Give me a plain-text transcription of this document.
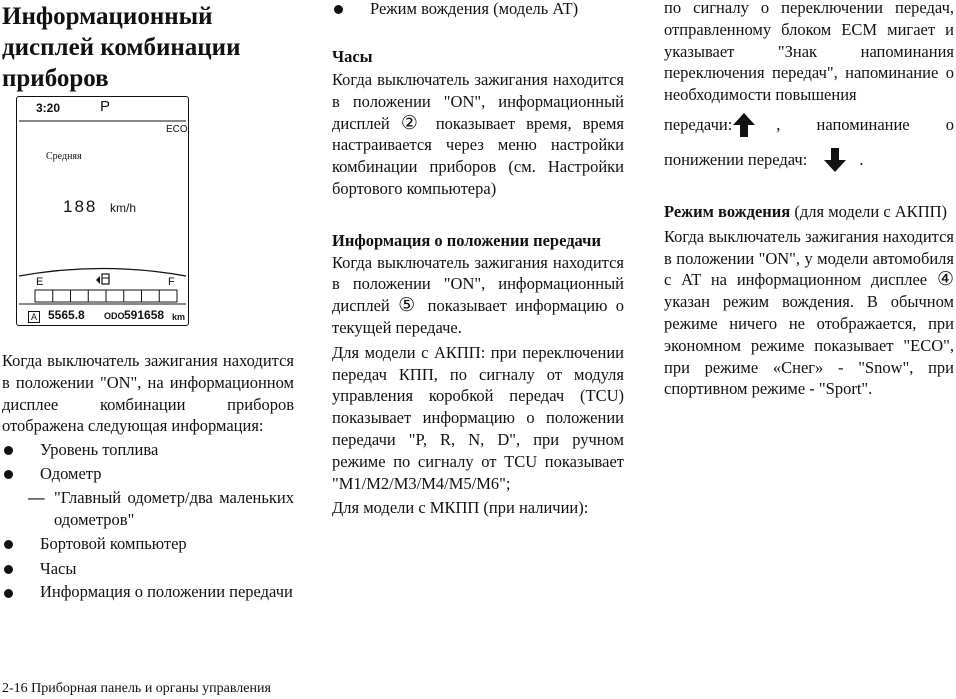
Информационный дисплей комбинации приборов
3:20	P
ECO
Средняя
188 km/h
E	F
A 5565.8 ODO 591658 km

Когда выключатель зажигания находится в положении "ON", на информационном дисплее комбинации приборов отображена следующая информация:

Уровень топлива
Одометр
— "Главный одометр/два маленьких одометров"
Бортовой компьютер
Часы
Информация о положении передачи
Режим вождения (модель AT)
Часы

Когда выключатель зажигания находится в положении "ON", информационный дисплей ② показывает время, время настраивается через меню настройки комбинации приборов (см. Настройки бортового компьютера)

Информация о положении передачи

Когда выключатель зажигания находится в положении "ON", информационный дисплей ⑤ показывает информацию о текущей передаче.

Для модели с АКПП: при переключении передач КПП, по сигналу от модуля управления коробкой передач (TCU) показывает информацию о положении передачи "P, R, N, D", при ручном режиме по сигналу от TCU показывает "M1/M2/M3/M4/M5/M6";

Для модели с МКПП (при наличии):

по сигналу о переключении передач, отправленному блоком ECM мигает и указывает "Знак напоминания переключения передач", напоминание о необходимости повышения

передачи:	, напоминание о
понижении передач:	.

Режим вождения (для модели с АКПП)

Когда выключатель зажигания находится в положении "ON", у модели автомобиля с AT на информационном дисплее ④ указан режим вождения. В обычном режиме ничего не отображается, при экономном режиме показывает "ECO", при режиме «Снег» - "Snow", при спортивном режиме - "Sport".

2-16 Приборная панель и органы управления
